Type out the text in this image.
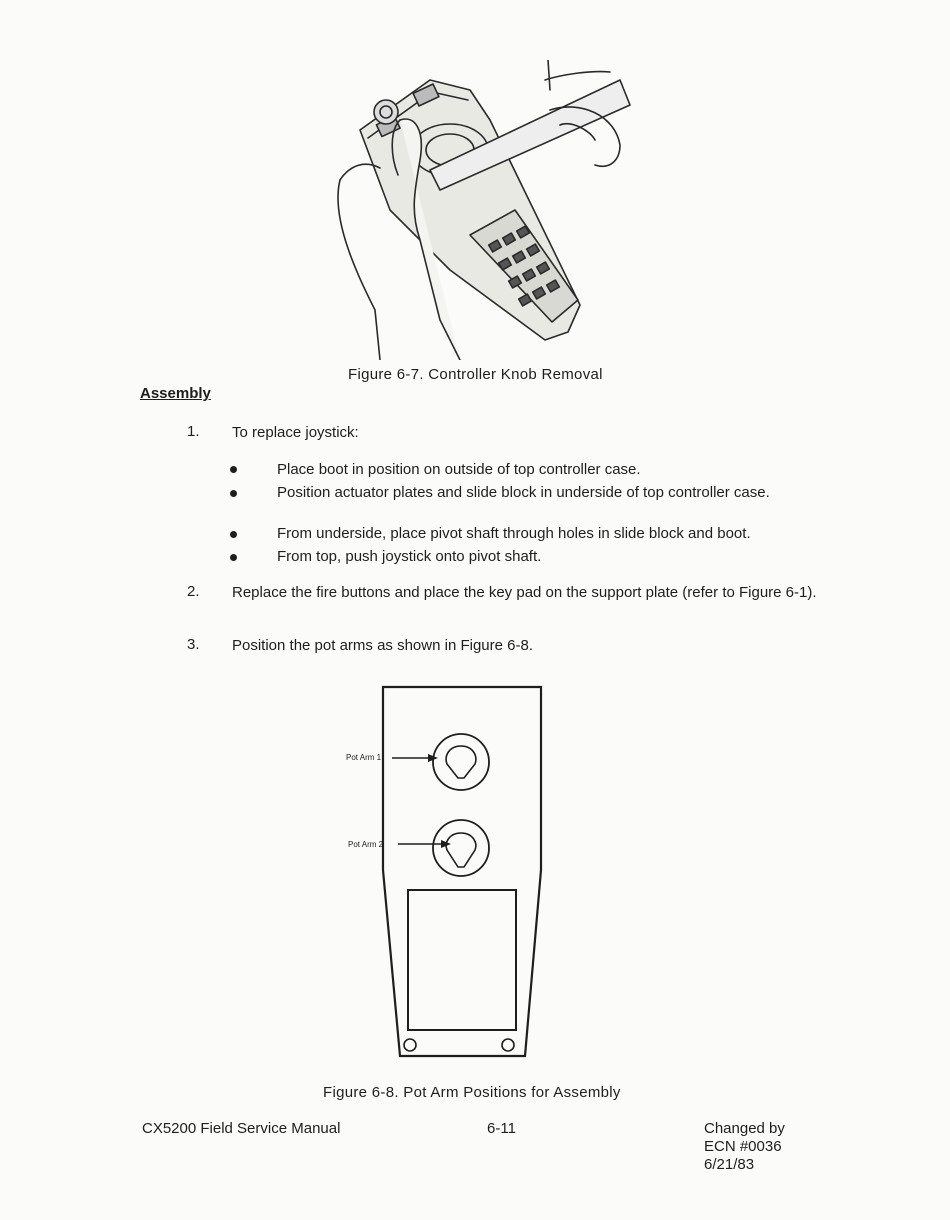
Figure 6-7. Controller Knob Removal
Assembly
1. To replace joystick:
Place boot in position on outside of top controller case.
Position actuator plates and slide block in underside of top controller case.
From underside, place pivot shaft through holes in slide block and boot.
From top, push joystick onto pivot shaft.
2. Replace the fire buttons and place the key pad on the support plate (refer to Figure 6-1).
3. Position the pot arms as shown in Figure 6-8.
Pot Arm 1
Pot Arm 2
Figure 6-8. Pot Arm Positions for Assembly
CX5200 Field Service Manual	6-11	Changed by
ECN #0036
6/21/83
